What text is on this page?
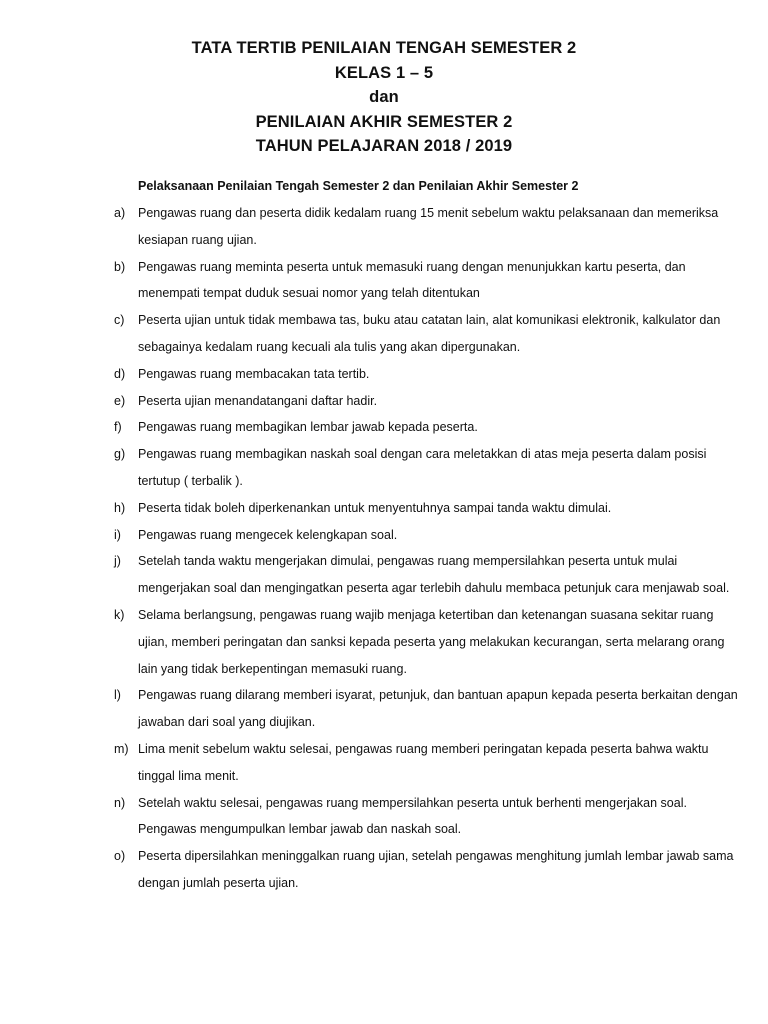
TATA TERTIB PENILAIAN TENGAH SEMESTER 2
KELAS 1 – 5
dan
PENILAIAN AKHIR SEMESTER 2
TAHUN PELAJARAN 2018 / 2019
Pelaksanaan Penilaian Tengah Semester 2 dan Penilaian Akhir Semester 2
a) Pengawas ruang dan peserta didik kedalam ruang 15 menit sebelum waktu pelaksanaan dan memeriksa kesiapan ruang ujian.
b) Pengawas ruang meminta peserta untuk memasuki ruang dengan menunjukkan kartu peserta, dan menempati tempat duduk sesuai nomor yang telah ditentukan
c) Peserta ujian untuk tidak membawa tas, buku atau catatan lain, alat komunikasi elektronik, kalkulator dan sebagainya kedalam ruang kecuali ala tulis yang akan dipergunakan.
d) Pengawas ruang membacakan tata tertib.
e) Peserta ujian menandatangani daftar hadir.
f) Pengawas ruang membagikan lembar jawab kepada peserta.
g) Pengawas ruang membagikan naskah soal dengan cara meletakkan di atas meja peserta dalam posisi tertutup ( terbalik ).
h) Peserta tidak boleh diperkenankan untuk menyentuhnya sampai tanda waktu dimulai.
i) Pengawas ruang mengecek kelengkapan soal.
j) Setelah tanda waktu mengerjakan dimulai, pengawas ruang mempersilahkan peserta untuk mulai mengerjakan soal dan mengingatkan peserta agar terlebih dahulu membaca petunjuk cara menjawab soal.
k) Selama berlangsung, pengawas ruang wajib menjaga ketertiban dan ketenangan suasana sekitar ruang ujian, memberi peringatan dan sanksi kepada peserta yang melakukan kecurangan, serta melarang orang lain yang tidak berkepentingan memasuki ruang.
l) Pengawas ruang dilarang memberi isyarat, petunjuk, dan bantuan apapun kepada peserta berkaitan dengan jawaban dari soal yang diujikan.
m) Lima menit sebelum waktu selesai, pengawas ruang memberi peringatan kepada peserta bahwa waktu tinggal lima menit.
n) Setelah waktu selesai, pengawas ruang mempersilahkan peserta untuk berhenti mengerjakan soal. Pengawas mengumpulkan lembar jawab dan naskah soal.
o) Peserta dipersilahkan meninggalkan ruang ujian, setelah pengawas menghitung jumlah lembar jawab sama dengan jumlah peserta ujian.
